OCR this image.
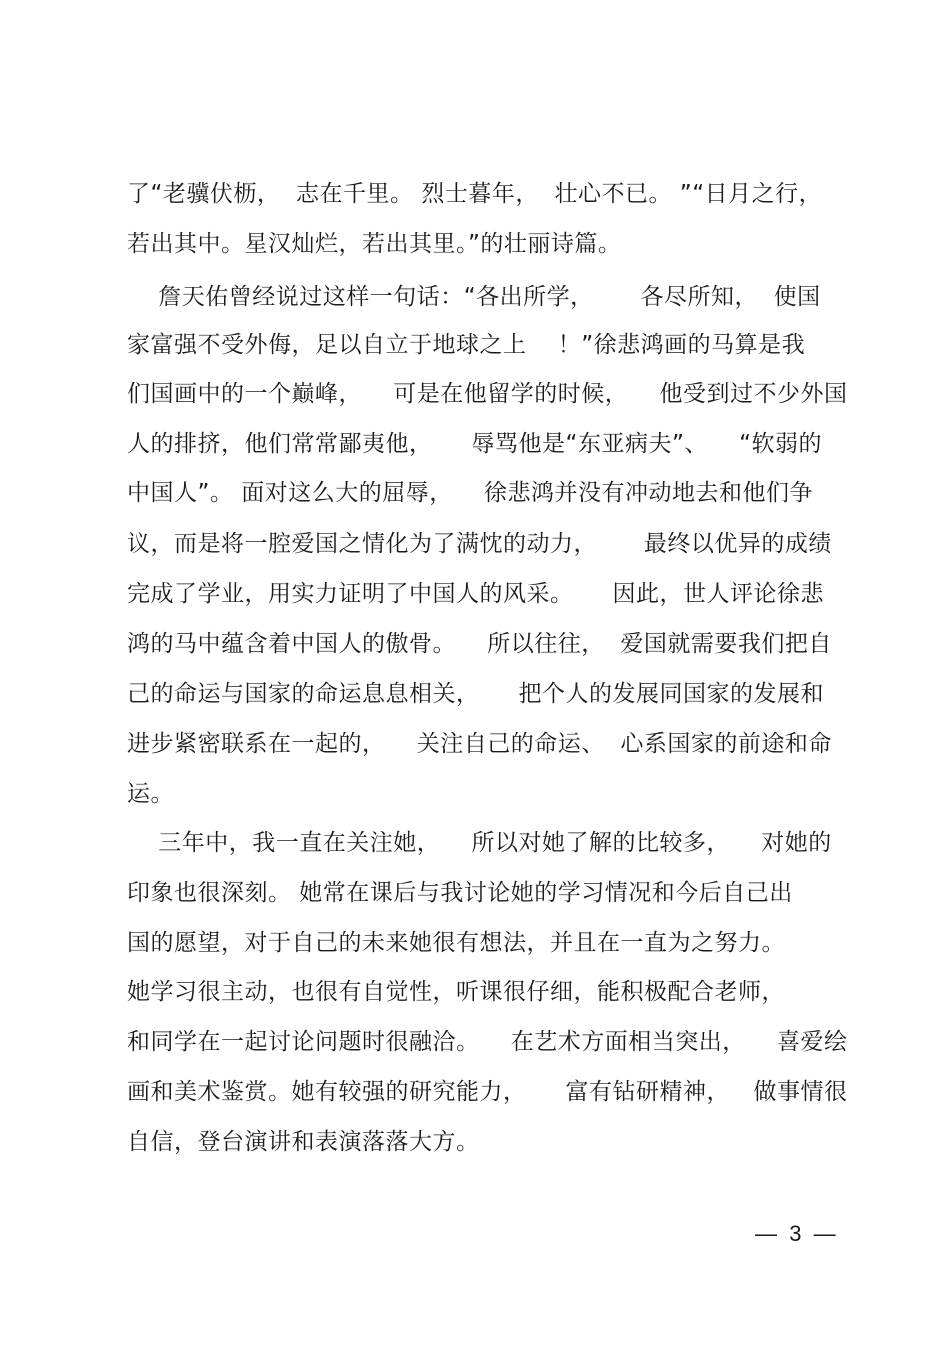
了“老骥伏枥，  志在千里。 烈士暮年，  壮心不已。 ”“日月之行，
若出其中。星汉灿烂，若出其里。”的壮丽诗篇。
詹天佑曾经说过这样一句话：“各出所学，      各尽所知，  使国
家富强不受外侮，足以自立于地球之上    ！”徐悲鸿画的马算是我
们国画中的一个巅峰，    可是在他留学的时候，    他受到过不少外国
人的排挤，他们常常鄙夷他，     辱骂他是“东亚病夫”、    “软弱的
中国人”。 面对这么大的屈辱，    徐悲鸿并没有冲动地去和他们争
议，而是将一腔爱国之情化为了满忱的动力，      最终以优异的成绩
完成了学业，用实力证明了中国人的风采。     因此，世人评论徐悲
鸿的马中蕴含着中国人的傲骨。    所以往往，  爱国就需要我们把自
己的命运与国家的命运息息相关，     把个人的发展同国家的发展和
进步紧密联系在一起的，    关注自己的命运、  心系国家的前途和命
运。
三年中，我一直在关注她，    所以对她了解的比较多，    对她的
印象也很深刻。 她常在课后与我讨论她的学习情况和今后自己出
国的愿望，对于自己的未来她很有想法，并且在一直为之努力。
她学习很主动，也很有自觉性，听课很仔细，能积极配合老师，
和同学在一起讨论问题时很融洽。    在艺术方面相当突出，    喜爱绘
画和美术鉴赏。她有较强的研究能力，     富有钻研精神，   做事情很
自信，登台演讲和表演落落大方。
—  3  —
